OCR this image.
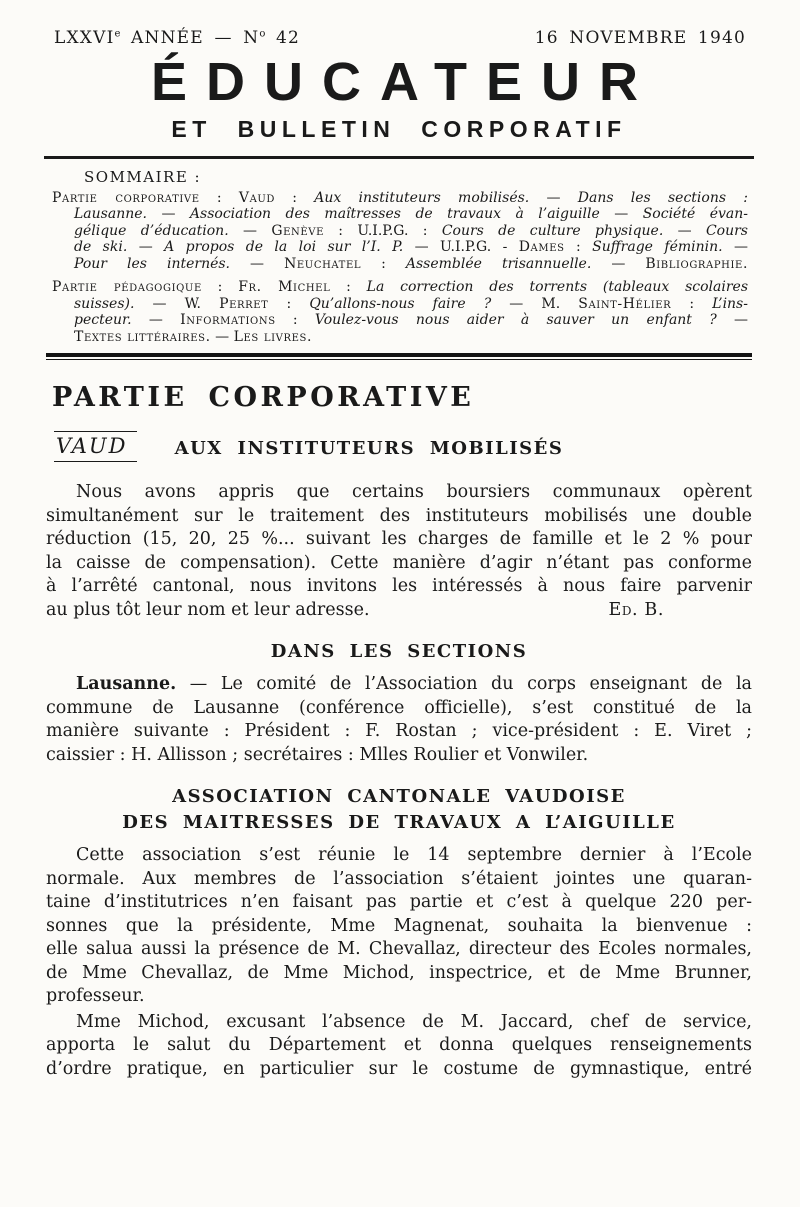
LXXVIe ANNÉE — $N^o$ 42	16 NOVEMBRE 1940
ÉDUCATEUR
ET BULLETIN CORPORATIF
SOMMAIRE :
Partie corporative : Vaud : Aux instituteurs mobilisés. — Dans les sections :
Lausanne. — Association des maîtresses de travaux à l’aiguille — Société évan-
gélique d’éducation. — Genève : U.I.P.G. : Cours de culture physique. — Cours
de ski. — A propos de la loi sur l’I. P. — U.I.P.G. - Dames : Suffrage féminin. —
Pour les internés. — Neuchatel : Assemblée trisannuelle. — Bibliographie.
Partie pédagogique : Fr. Michel : La correction des torrents (tableaux scolaires
suisses). — W. Perret : Qu’allons-nous faire ? — M. Saint-Hélier : L’ins-
pecteur. — Informations : Voulez-vous nous aider à sauver un enfant ? —
Textes littéraires. — Les livres.
PARTIE CORPORATIVE
VAUD	AUX INSTITUTEURS MOBILISÉS
Nous avons appris que certains boursiers communaux opèrent
simultanément sur le traitement des instituteurs mobilisés une double
réduction (15, 20, 25 %... suivant les charges de famille et le 2 % pour
la caisse de compensation). Cette manière d’agir n’étant pas conforme
à l’arrêté cantonal, nous invitons les intéressés à nous faire parvenir
au plus tôt leur nom et leur adresse.	Ed. B.
DANS LES SECTIONS
Lausanne. — Le comité de l’Association du corps enseignant de la
commune de Lausanne (conférence officielle), s’est constitué de la
manière suivante : Président : F. Rostan ; vice-président : E. Viret ;
caissier : H. Allisson ; secrétaires : Mlles Roulier et Vonwiler.
ASSOCIATION CANTONALE VAUDOISE
DES MAITRESSES DE TRAVAUX A L’AIGUILLE
Cette association s’est réunie le 14 septembre dernier à l’Ecole
normale. Aux membres de l’association s’étaient jointes une quaran-
taine d’institutrices n’en faisant pas partie et c’est à quelque 220 per-
sonnes que la présidente, Mme Magnenat, souhaita la bienvenue :
elle salua aussi la présence de M. Chevallaz, directeur des Ecoles normales,
de Mme Chevallaz, de Mme Michod, inspectrice, et de Mme Brunner,
professeur.
Mme Michod, excusant l’absence de M. Jaccard, chef de service,
apporta le salut du Département et donna quelques renseignements
d’ordre pratique, en particulier sur le costume de gymnastique, entré
